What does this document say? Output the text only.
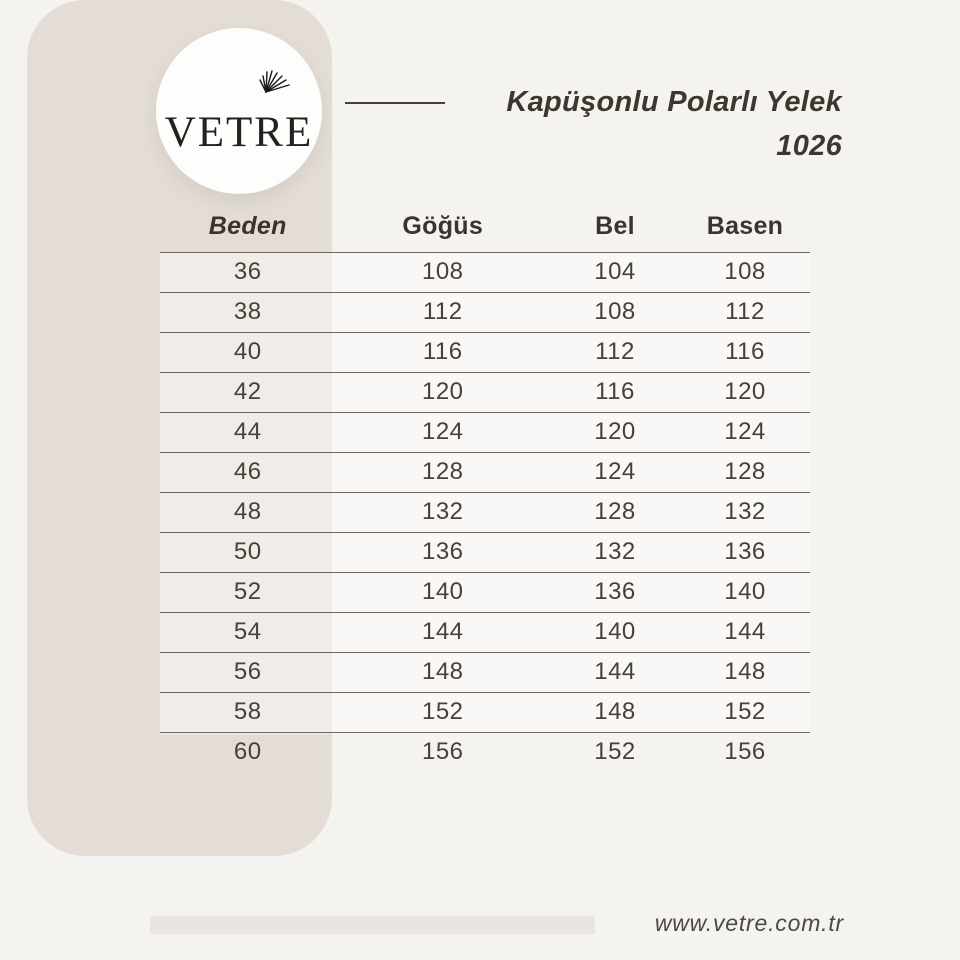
VETRE
Kapüşonlu Polarlı Yelek
1026
Beden	Göğüs	Bel	Basen
36	108	104	108
38	112	108	112
40	116	112	116
42	120	116	120
44	124	120	124
46	128	124	128
48	132	128	132
50	136	132	136
52	140	136	140
54	144	140	144
56	148	144	148
58	152	148	152
60	156	152	156
www.vetre.com.tr
